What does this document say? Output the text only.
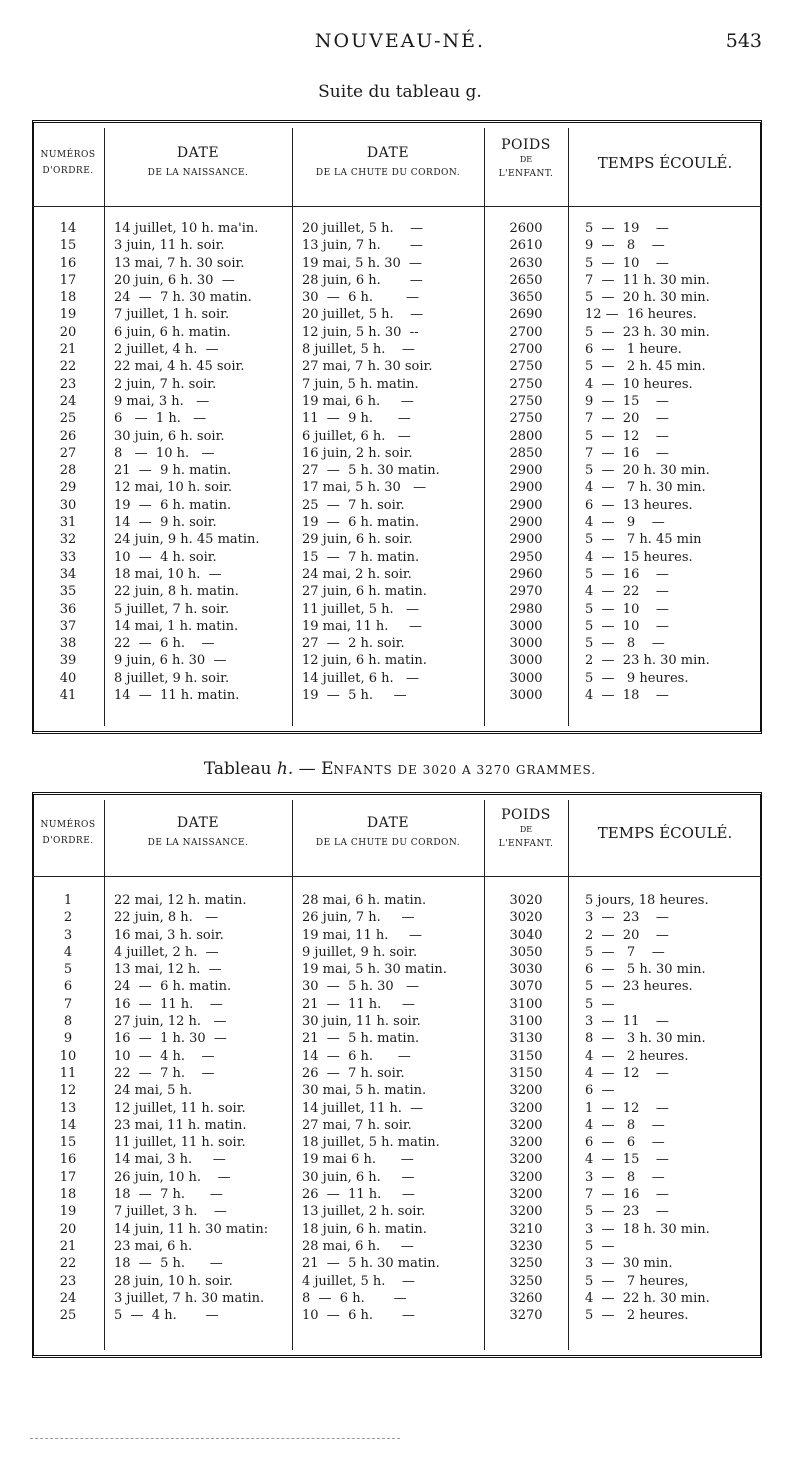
NOUVEAU-NÉ.	543
Suite du tableau g.
NUMÉROS
D'ORDRE.
DATE
DE LA NAISSANCE.
DATE
DE LA CHUTE DU CORDON.
POIDS
DE
L'ENFANT.
TEMPS ÉCOULÉ.
14	14 juillet, 10 h. ma'in.	20 juillet, 5 h.    —	2600	5  —  19    —
15	3 juin, 11 h. soir.	13 juin, 7 h.       —	2610	9  —   8    —
16	13 mai, 7 h. 30 soir.	19 mai, 5 h. 30  —	2630	5  —  10    —
17	20 juin, 6 h. 30  —	28 juin, 6 h.       —	2650	7  —  11 h. 30 min.
18	24  —  7 h. 30 matin.	30  —  6 h.        —	3650	5  —  20 h. 30 min.
19	7 juillet, 1 h. soir.	20 juillet, 5 h.    —	2690	12 —  16 heures.
20	6 juin, 6 h. matin.	12 juin, 5 h. 30  --	2700	5  —  23 h. 30 min.
21	2 juillet, 4 h.  —	8 juillet, 5 h.    —	2700	6  —   1 heure.
22	22 mai, 4 h. 45 soir.	27 mai, 7 h. 30 soir.	2750	5  —   2 h. 45 min.
23	2 juin, 7 h. soir.	7 juin, 5 h. matin.	2750	4  —  10 heures.
24	9 mai, 3 h.   —	19 mai, 6 h.     —	2750	9  —  15    —
25	6   —  1 h.   —	11  —  9 h.      —	2750	7  —  20    —
26	30 juin, 6 h. soir.	6 juillet, 6 h.   —	2800	5  —  12    —
27	8   —  10 h.   —	16 juin, 2 h. soir.	2850	7  —  16    —
28	21  —  9 h. matin.	27  —  5 h. 30 matin.	2900	5  —  20 h. 30 min.
29	12 mai, 10 h. soir.	17 mai, 5 h. 30   —	2900	4  —   7 h. 30 min.
30	19  —  6 h. matin.	25  —  7 h. soir.	2900	6  —  13 heures.
31	14  —  9 h. soir.	19  —  6 h. matin.	2900	4  —   9    —
32	24 juin, 9 h. 45 matin.	29 juin, 6 h. soir.	2900	5  —   7 h. 45 min
33	10  —  4 h. soir.	15  —  7 h. matin.	2950	4  —  15 heures.
34	18 mai, 10 h.  —	24 mai, 2 h. soir.	2960	5  —  16    —
35	22 juin, 8 h. matin.	27 juin, 6 h. matin.	2970	4  —  22    —
36	5 juillet, 7 h. soir.	11 juillet, 5 h.   —	2980	5  —  10    —
37	14 mai, 1 h. matin.	19 mai, 11 h.     —	3000	5  —  10    —
38	22  —  6 h.    —	27  —  2 h. soir.	3000	5  —   8    —
39	9 juin, 6 h. 30  —	12 juin, 6 h. matin.	3000	2  —  23 h. 30 min.
40	8 juillet, 9 h. soir.	14 juillet, 6 h.   —	3000	5  —   9 heures.
41	14  —  11 h. matin.	19  —  5 h.     —	3000	4  —  18    —
Tableau h. — ENFANTS DE 3020 A 3270 GRAMMES.
NUMÉROS
D'ORDRE.
DATE
DE LA NAISSANCE.
DATE
DE LA CHUTE DU CORDON.
POIDS
DE
L'ENFANT.
TEMPS ÉCOULÉ.
1	22 mai, 12 h. matin.	28 mai, 6 h. matin.	3020	5 jours, 18 heures.
2	22 juin, 8 h.   —	26 juin, 7 h.     —	3020	3  —  23    —
3	16 mai, 3 h. soir.	19 mai, 11 h.     —	3040	2  —  20    —
4	4 juillet, 2 h.  —	9 juillet, 9 h. soir.	3050	5  —   7    —
5	13 mai, 12 h.  —	19 mai, 5 h. 30 matin.	3030	6  —   5 h. 30 min.
6	24  —  6 h. matin.	30  —  5 h. 30   —	3070	5  —  23 heures.
7	16  —  11 h.    —	21  —  11 h.     —	3100	5  —
8	27 juin, 12 h.   —	30 juin, 11 h. soir.	3100	3  —  11    —
9	16  —  1 h. 30  —	21  —  5 h. matin.	3130	8  —   3 h. 30 min.
10	10  —  4 h.    —	14  —  6 h.      —	3150	4  —   2 heures.
11	22  —  7 h.    —	26  —  7 h. soir.	3150	4  —  12    —
12	24 mai, 5 h.	30 mai, 5 h. matin.	3200	6  —
13	12 juillet, 11 h. soir.	14 juillet, 11 h.  —	3200	1  —  12    —
14	23 mai, 11 h. matin.	27 mai, 7 h. soir.	3200	4  —   8    —
15	11 juillet, 11 h. soir.	18 juillet, 5 h. matin.	3200	6  —   6    —
16	14 mai, 3 h.     —	19 mai 6 h.      —	3200	4  —  15    —
17	26 juin, 10 h.    —	30 juin, 6 h.     —	3200	3  —   8    —
18	18  —  7 h.      —	26  —  11 h.     —	3200	7  —  16    —
19	7 juillet, 3 h.    —	13 juillet, 2 h. soir.	3200	5  —  23    —
20	14 juin, 11 h. 30 matin:	18 juin, 6 h. matin.	3210	3  —  18 h. 30 min.
21	23 mai, 6 h.	28 mai, 6 h.     —	3230	5  —
22	18  —  5 h.      —	21  —  5 h. 30 matin.	3250	3  —  30 min.
23	28 juin, 10 h. soir.	4 juillet, 5 h.    —	3250	5  —   7 heures,
24	3 juillet, 7 h. 30 matin.	8  —  6 h.       —	3260	4  —  22 h. 30 min.
25	5  —  4 h.       —	10  —  6 h.       —	3270	5  —   2 heures.
